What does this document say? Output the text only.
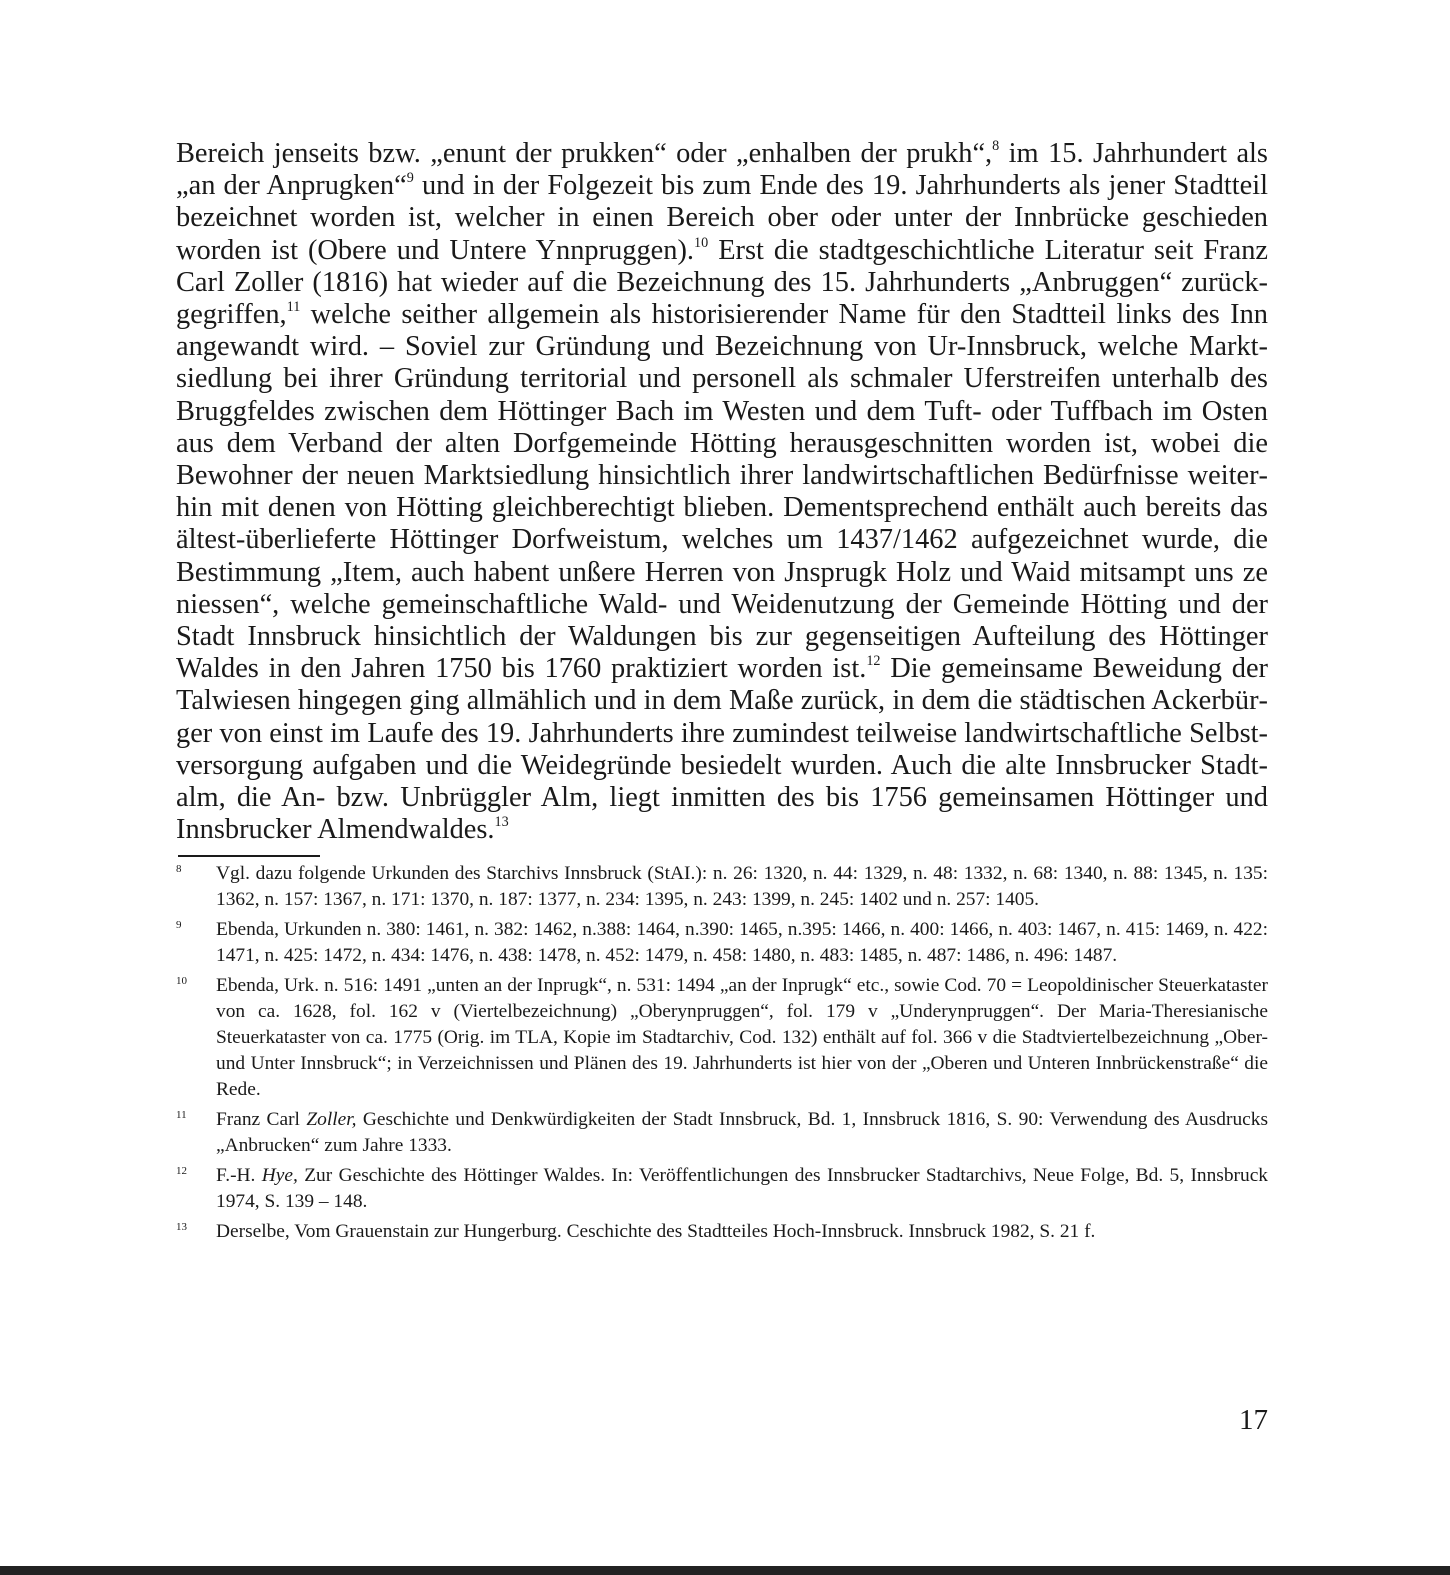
Bereich jenseits bzw. „enunt der prukken“ oder „enhalben der prukh“,$^8$ im 15. Jahrhundert als „an der Anprugken“$^9$ und in der Folgezeit bis zum Ende des 19. Jahrhunderts als jener Stadtteil bezeichnet worden ist, welcher in einen Bereich ober oder unter der Innbrücke geschieden worden ist (Obere und Untere Ynnpruggen).$^{10}$ Erst die stadtgeschichtliche Literatur seit Franz Carl Zoller (1816) hat wieder auf die Bezeichnung des 15. Jahrhunderts „Anbruggen“ zurückgegriffen,$^{11}$ welche seither allgemein als historisierender Name für den Stadtteil links des Inn angewandt wird. – Soviel zur Gründung und Bezeichnung von Ur-Innsbruck, welche Marktsiedlung bei ihrer Gründung territorial und personell als schmaler Uferstreifen unterhalb des Bruggfeldes zwischen dem Höttinger Bach im Westen und dem Tuft- oder Tuffbach im Osten aus dem Verband der alten Dorfgemeinde Hötting herausgeschnitten worden ist, wobei die Bewohner der neuen Marktsiedlung hinsichtlich ihrer landwirtschaftlichen Bedürfnisse weiterhin mit denen von Hötting gleichberechtigt blieben. Dementsprechend enthält auch bereits das ältest-überlieferte Höttinger Dorfweistum, welches um 1437/1462 aufgezeichnet wurde, die Bestimmung „Item, auch habent unßere Herren von Jnsprugk Holz und Waid mitsampt uns ze niessen“, welche gemeinschaftliche Wald- und Weidenutzung der Gemeinde Hötting und der Stadt Innsbruck hinsichtlich der Waldungen bis zur gegenseitigen Aufteilung des Höttinger Waldes in den Jahren 1750 bis 1760 praktiziert worden ist.$^{12}$ Die gemeinsame Beweidung der Talwiesen hingegen ging allmählich und in dem Maße zurück, in dem die städtischen Ackerbürger von einst im Laufe des 19. Jahrhunderts ihre zumindest teilweise landwirtschaftliche Selbstversorgung aufgaben und die Weidegründe besiedelt wurden. Auch die alte Innsbrucker Stadtalm, die An- bzw. Unbrüggler Alm, liegt inmitten des bis 1756 gemeinsamen Höttinger und Innsbrucker Almendwaldes.$^{13}$

8 Vgl. dazu folgende Urkunden des Starchivs Innsbruck (StAI.): n. 26: 1320, n. 44: 1329, n. 48: 1332, n. 68: 1340, n. 88: 1345, n. 135: 1362, n. 157: 1367, n. 171: 1370, n. 187: 1377, n. 234: 1395, n. 243: 1399, n. 245: 1402 und n. 257: 1405.
9 Ebenda, Urkunden n. 380: 1461, n. 382: 1462, n.388: 1464, n.390: 1465, n.395: 1466, n. 400: 1466, n. 403: 1467, n. 415: 1469, n. 422: 1471, n. 425: 1472, n. 434: 1476, n. 438: 1478, n. 452: 1479, n. 458: 1480, n. 483: 1485, n. 487: 1486, n. 496: 1487.
10 Ebenda, Urk. n. 516: 1491 „unten an der Inprugk“, n. 531: 1494 „an der Inprugk“ etc., sowie Cod. 70 = Leopoldinischer Steuerkataster von ca. 1628, fol. 162 v (Viertelbezeichnung) „Oberynpruggen“, fol. 179 v „Underynpruggen“. Der Maria-Theresianische Steuerkataster von ca. 1775 (Orig. im TLA, Kopie im Stadtarchiv, Cod. 132) enthält auf fol. 366 v die Stadtviertelbezeichnung „Ober- und Unter Innsbruck“; in Verzeichnissen und Plänen des 19. Jahrhunderts ist hier von der „Oberen und Unteren Innbrückenstraße“ die Rede.
11 Franz Carl Zoller, Geschichte und Denkwürdigkeiten der Stadt Innsbruck, Bd. 1, Innsbruck 1816, S. 90: Verwendung des Ausdrucks „Anbrucken“ zum Jahre 1333.
12 F.-H. Hye, Zur Geschichte des Höttinger Waldes. In: Veröffentlichungen des Innsbrucker Stadtarchivs, Neue Folge, Bd. 5, Innsbruck 1974, S. 139 – 148.
13 Derselbe, Vom Grauenstain zur Hungerburg. Ceschichte des Stadtteiles Hoch-Innsbruck. Innsbruck 1982, S. 21 f.

17
